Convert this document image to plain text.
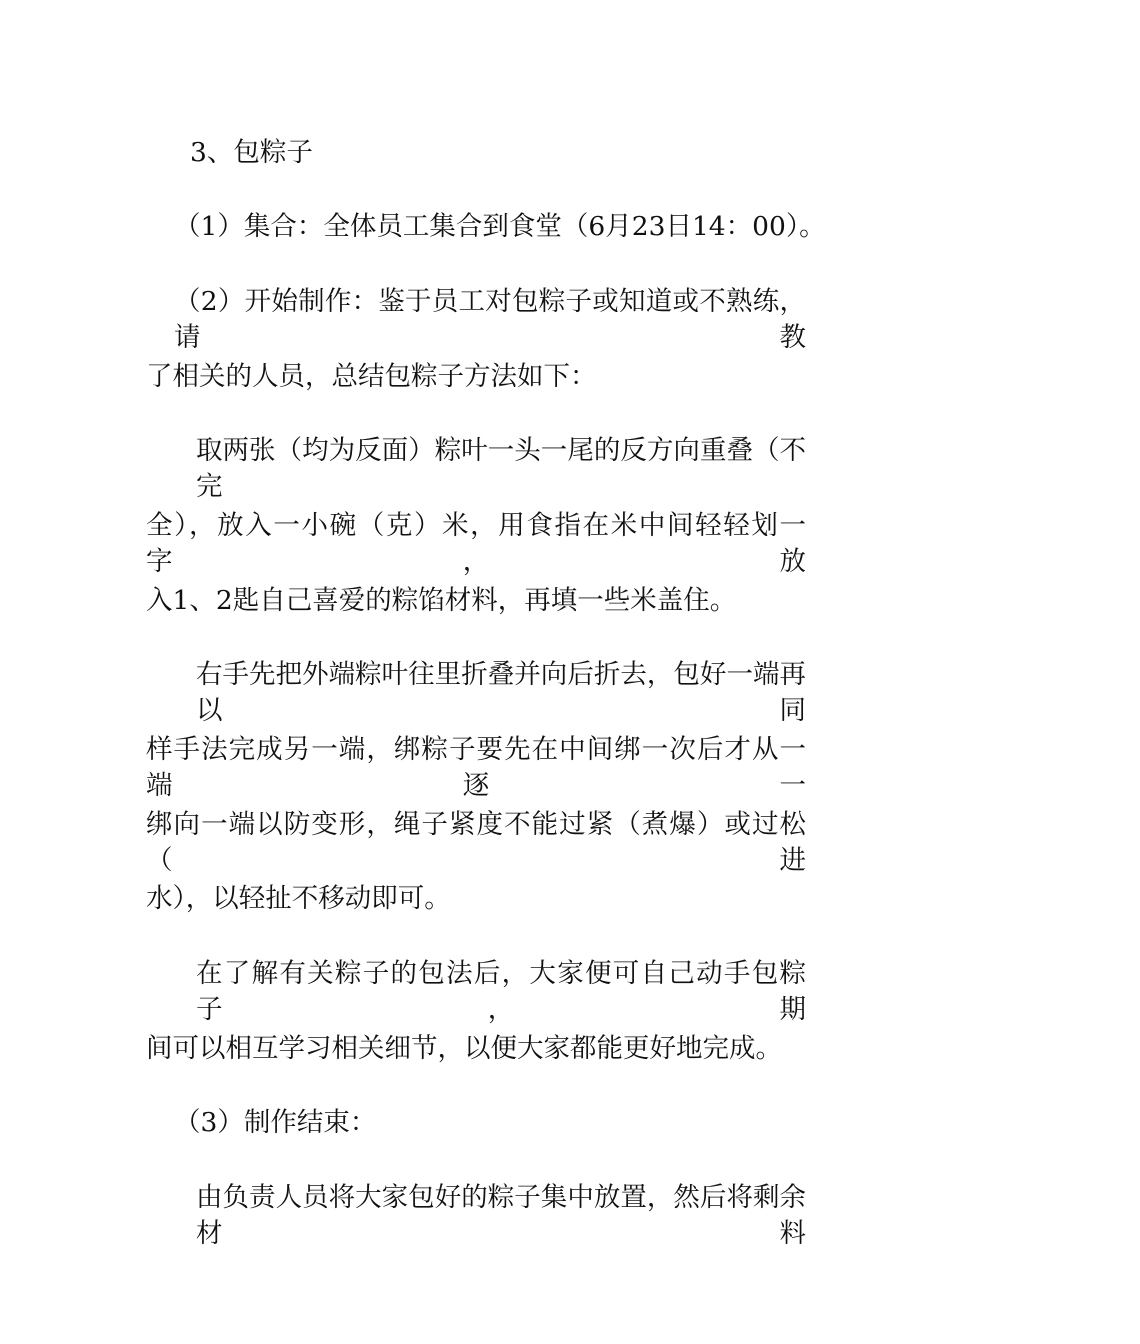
3、包粽子
（1）集合：全体员工集合到食堂（6月23日14：00）。
（2）开始制作：鉴于员工对包粽子或知道或不熟练，请教
了相关的人员，总结包粽子方法如下：
取两张（均为反面）粽叶一头一尾的反方向重叠（不完
全），放入一小碗（克）米，用食指在米中间轻轻划一字，放
入1、2匙自己喜爱的粽馅材料，再填一些米盖住。
右手先把外端粽叶往里折叠并向后折去，包好一端再以同
样手法完成另一端，绑粽子要先在中间绑一次后才从一端逐一
绑向一端以防变形，绳子紧度不能过紧（煮爆）或过松（进
水），以轻扯不移动即可。
在了解有关粽子的包法后，大家便可自己动手包粽子，期
间可以相互学习相关细节，以便大家都能更好地完成。
（3）制作结束：
由负责人员将大家包好的粽子集中放置，然后将剩余材料
